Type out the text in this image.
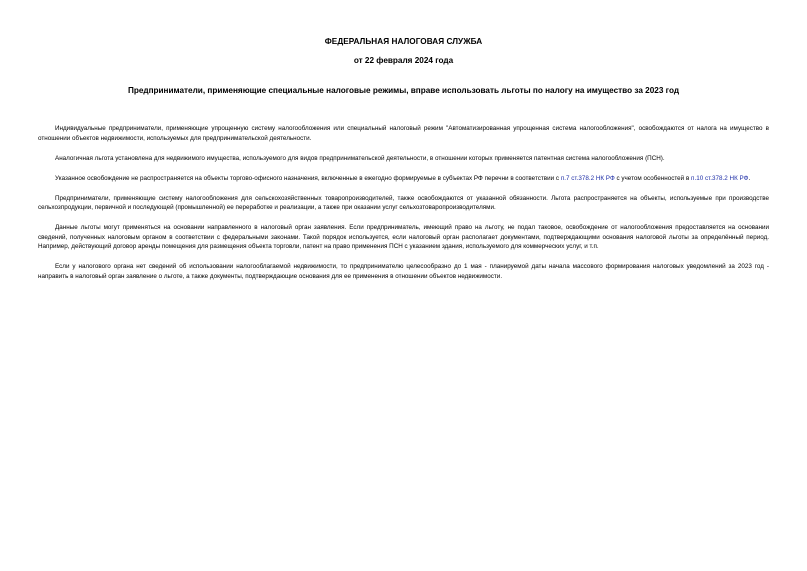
ФЕДЕРАЛЬНАЯ НАЛОГОВАЯ СЛУЖБА
от 22 февраля 2024 года
Предприниматели, применяющие специальные налоговые режимы, вправе использовать льготы по налогу на имущество за 2023 год

Индивидуальные предприниматели, применяющие упрощенную систему налогообложения или специальный налоговый режим "Автоматизированная упрощенная система налогообложения", освобождаются от налога на имущество в отношении объектов недвижимости, используемых для предпринимательской деятельности.

Аналогичная льгота установлена для недвижимого имущества, используемого для видов предпринимательской деятельности, в отношении которых применяется патентная система налогообложения (ПСН).

Указанное освобождение не распространяется на объекты торгово-офисного назначения, включенные в ежегодно формируемые в субъектах РФ перечни в соответствии с п.7 ст.378.2 НК РФ с учетом особенностей в п.10 ст.378.2 НК РФ.

Предприниматели, применяющие систему налогообложения для сельскохозяйственных товаропроизводителей, также освобождаются от указанной обязанности. Льгота распространяется на объекты, используемые при производстве сельхозпродукции, первичной и последующей (промышленной) ее переработке и реализации, а также при оказании услуг сельхозтоваропроизводителями.

Данные льготы могут применяться на основании направленного в налоговый орган заявления. Если предприниматель, имеющий право на льготу, не подал таковое, освобождение от налогообложения предоставляется на основании сведений, полученных налоговым органом в соответствии с федеральными законами. Такой порядок используется, если налоговый орган располагает документами, подтверждающими основания налоговой льготы за определённый период. Например, действующий договор аренды помещения для размещения объекта торговли, патент на право применения ПСН с указанием здания, используемого для коммерческих услуг, и т.п.

Если у налогового органа нет сведений об использовании налогооблагаемой недвижимости, то предпринимателю целесообразно до 1 мая - планируемой даты начала массового формирования налоговых уведомлений за 2023 год - направить в налоговый орган заявление о льготе, а также документы, подтверждающие основания для ее применения в отношении объектов недвижимости.
